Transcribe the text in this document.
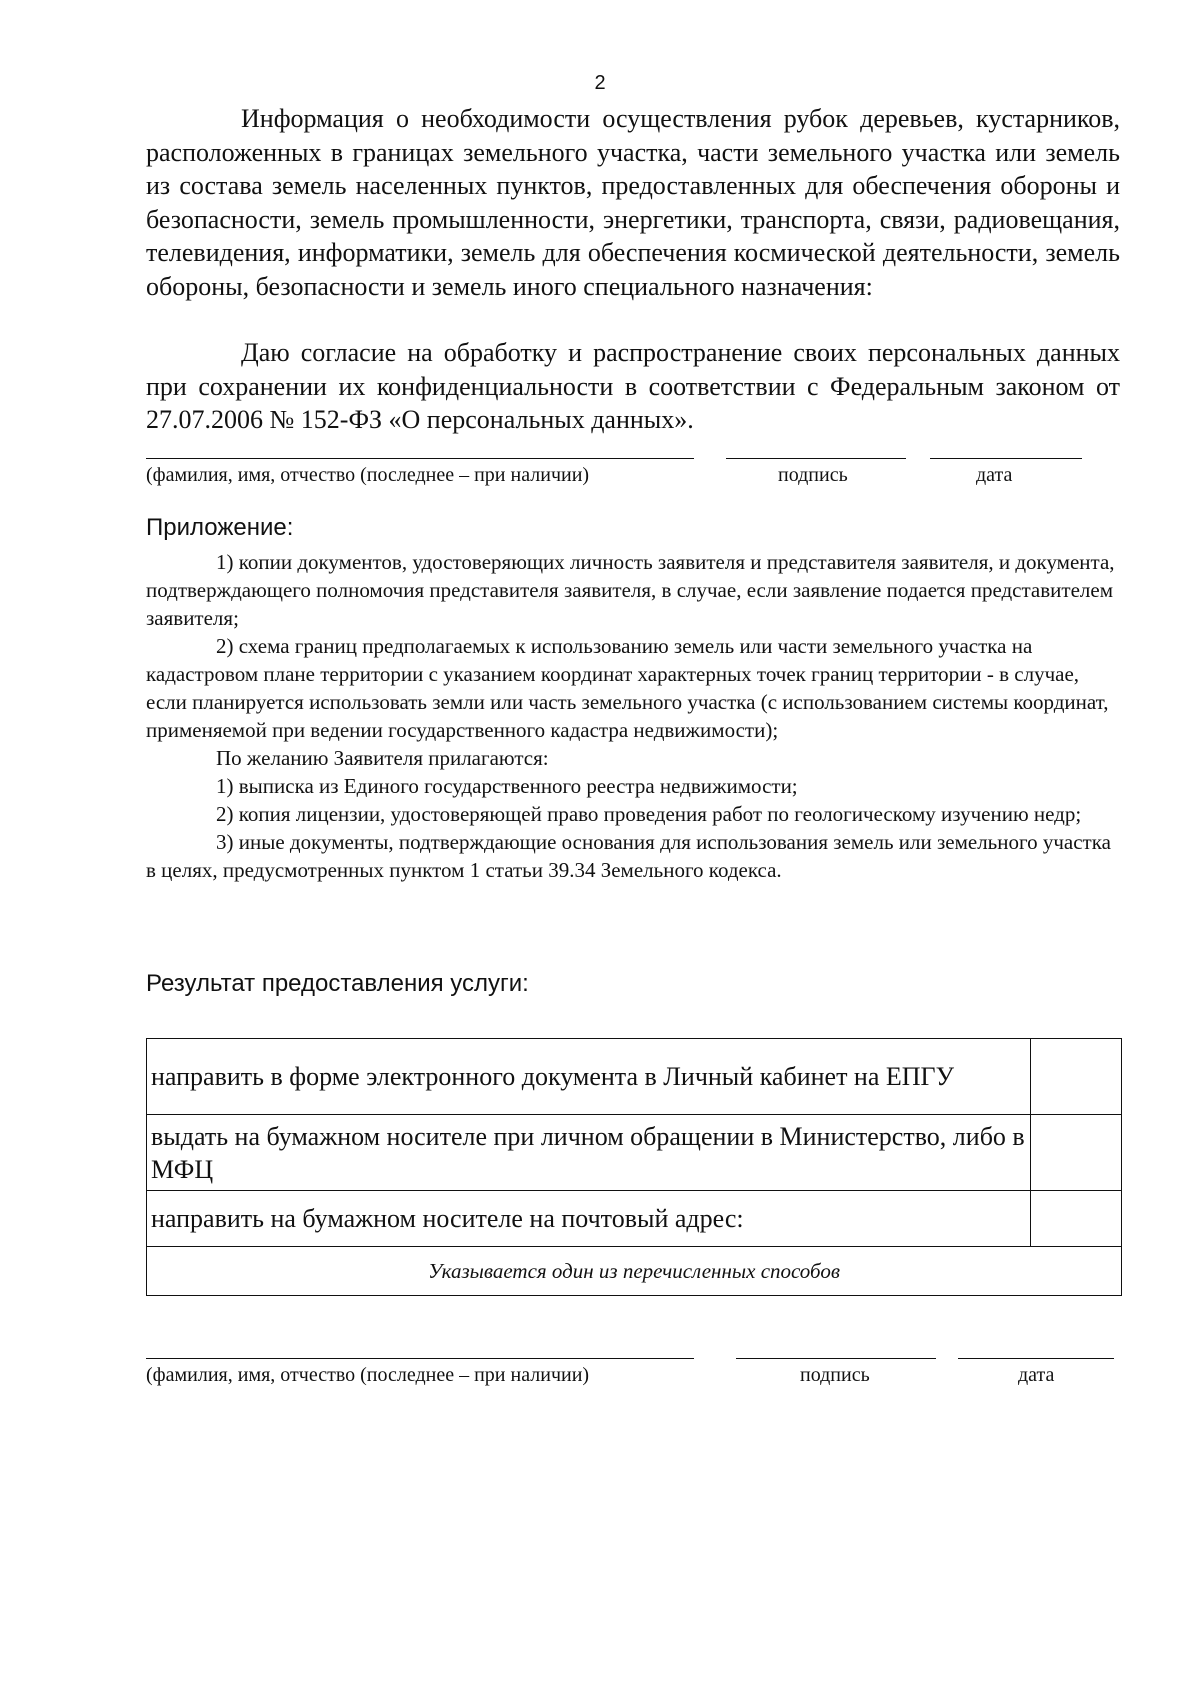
2

Информация о необходимости осуществления рубок деревьев, кустарников, расположенных в границах земельного участка, части земельного участка или земель из состава земель населенных пунктов, предоставленных для обеспечения обороны и безопасности, земель промышленности, энергетики, транспорта, связи, радиовещания, телевидения, информатики, земель для обеспечения космической деятельности, земель обороны, безопасности и земель иного специального назначения:

Даю согласие на обработку и распространение своих персональных данных при сохранении их конфиденциальности в соответствии с Федеральным законом от 27.07.2006 № 152-ФЗ «О персональных данных».

(фамилия, имя, отчество (последнее – при наличии)	подпись	дата
Приложение:

1) копии документов, удостоверяющих личность заявителя и представителя заявителя, и документа, подтверждающего полномочия представителя заявителя, в случае, если заявление подается представителем заявителя;

2) схема границ предполагаемых к использованию земель или части земельного участка на кадастровом плане территории с указанием координат характерных точек границ территории - в случае, если планируется использовать земли или часть земельного участка (с использованием системы координат, применяемой при ведении государственного кадастра недвижимости);

По желанию Заявителя прилагаются:

1) выписка из Единого государственного реестра недвижимости;

2) копия лицензии, удостоверяющей право проведения работ по геологическому изучению недр;

3) иные документы, подтверждающие основания для использования земель или земельного участка в целях, предусмотренных пунктом 1 статьи 39.34 Земельного кодекса.

Результат предоставления услуги:
направить в форме электронного документа в Личный кабинет на ЕПГУ	
выдать на бумажном носителе при личном обращении в Министерство, либо в МФЦ	
направить на бумажном носителе на почтовый адрес:	
Указывается один из перечисленных способов	
(фамилия, имя, отчество (последнее – при наличии)	подпись	дата
